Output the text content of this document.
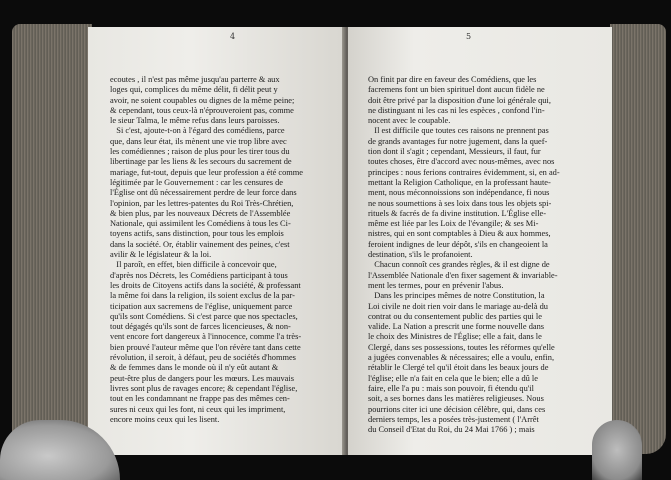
4
ecoutes , il n'est pas même jusqu'au parterre & aux
loges qui, complices du même délit, fi délit peut y
avoir, ne soient coupables ou dignes de la même peine;
& cependant, tous ceux-là n'éprouveroient pas, comme
le sieur Talma, le même refus dans leurs paroisses.
Si c'est, ajoute-t-on à l'égard des comédiens, parce
que, dans leur état, ils mènent une vie trop libre avec
les comédiennes ; raison de plus pour les tirer tous du
libertinage par les liens & les secours du sacrement de
mariage, fut-tout, depuis que leur profession a été comme
légitimée par le Gouvernement : car les censures de
l'Église ont dû nécessairement perdre de leur force dans
l'opinion, par les lettres-patentes du Roi Très-Chrétien,
& bien plus, par les nouveaux Décrets de l'Assemblée
Nationale, qui assimilent les Comédiens à tous les Ci-
toyens actifs, sans distinction, pour tous les emplois
dans la société. Or, établir vainement des peines, c'est
avilir & le législateur & la loi.
Il paroît, en effet, bien difficile à concevoir que,
d'après nos Décrets, les Comédiens participant à tous
les droits de Citoyens actifs dans la société, & professant
la même foi dans la religion, ils soient exclus de la par-
ticipation aux sacremens de l'église, uniquement parce
qu'ils sont Comédiens. Si c'est parce que nos spectacles,
tout dégagés qu'ils sont de farces licencieuses, & non-
vent encore fort dangereux à l'innocence, comme l'a très-
bien prouvé l'auteur même que l'on révère tant dans cette
révolution, il seroit, à défaut, peu de sociétés d'hommes
& de femmes dans le monde où il n'y eût autant &
peut-être plus de dangers pour les mœurs. Les mauvais
livres sont plus de ravages encore; & cependant l'église,
tout en les condamnant ne frappe pas des mêmes cen-
sures ni ceux qui les font, ni ceux qui les impriment,
encore moins ceux qui les lisent.
5
On finit par dire en faveur des Comédiens, que les
facremens font un bien spirituel dont aucun fidèle ne
doit être privé par la disposition d'une loi générale qui,
ne distinguant ni les cas ni les espèces , confond l'in-
nocent avec le coupable.
Il est difficile que toutes ces raisons ne prennent pas
de grands avantages fur notre jugement, dans la quef-
tion dont il s'agit ; cependant, Messieurs, il faut, fur
toutes choses, être d'accord avec nous-mêmes, avec nos
principes : nous ferions contraires évidemment, si, en ad-
mettant la Religion Catholique, en la professant haute-
ment, nous méconnoissions son indépendance, fi nous
ne nous soumettions à ses loix dans tous les objets spi-
rituels & facrés de fa divine institution. L'Église elle-
même est liée par les Loix de l'évangile; & ses Mi-
nistres, qui en sont comptables à Dieu & aux hommes,
feroient indignes de leur dépôt, s'ils en changeoient la
destination, s'ils le profanoient.
Chacun connoît ces grandes règles, & il est digne de
l'Assemblée Nationale d'en fixer sagement & invariable-
ment les termes, pour en prévenir l'abus.
Dans les principes mêmes de notre Constitution, la
Loi civile ne doit rien voir dans le mariage au-delà du
contrat ou du consentement public des parties qui le
valide. La Nation a prescrit une forme nouvelle dans
le choix des Ministres de l'Église; elle a fait, dans le
Clergé, dans ses possessions, toutes les réformes qu'elle
a jugées convenables & nécessaires; elle a voulu, enfin,
rétablir le Clergé tel qu'il étoit dans les beaux jours de
l'église; elle n'a fait en cela que le bien; elle a dû le
faire, elle l'a pu : mais son pouvoir, fi étendu qu'il
soit, a ses bornes dans les matières religieuses. Nous
pourrions citer ici une décision célèbre, qui, dans ces
derniers temps, les a posées très-justement ( l'Arrêt
du Conseil d'Etat du Roi, du 24 Mai 1766 ) ; mais
